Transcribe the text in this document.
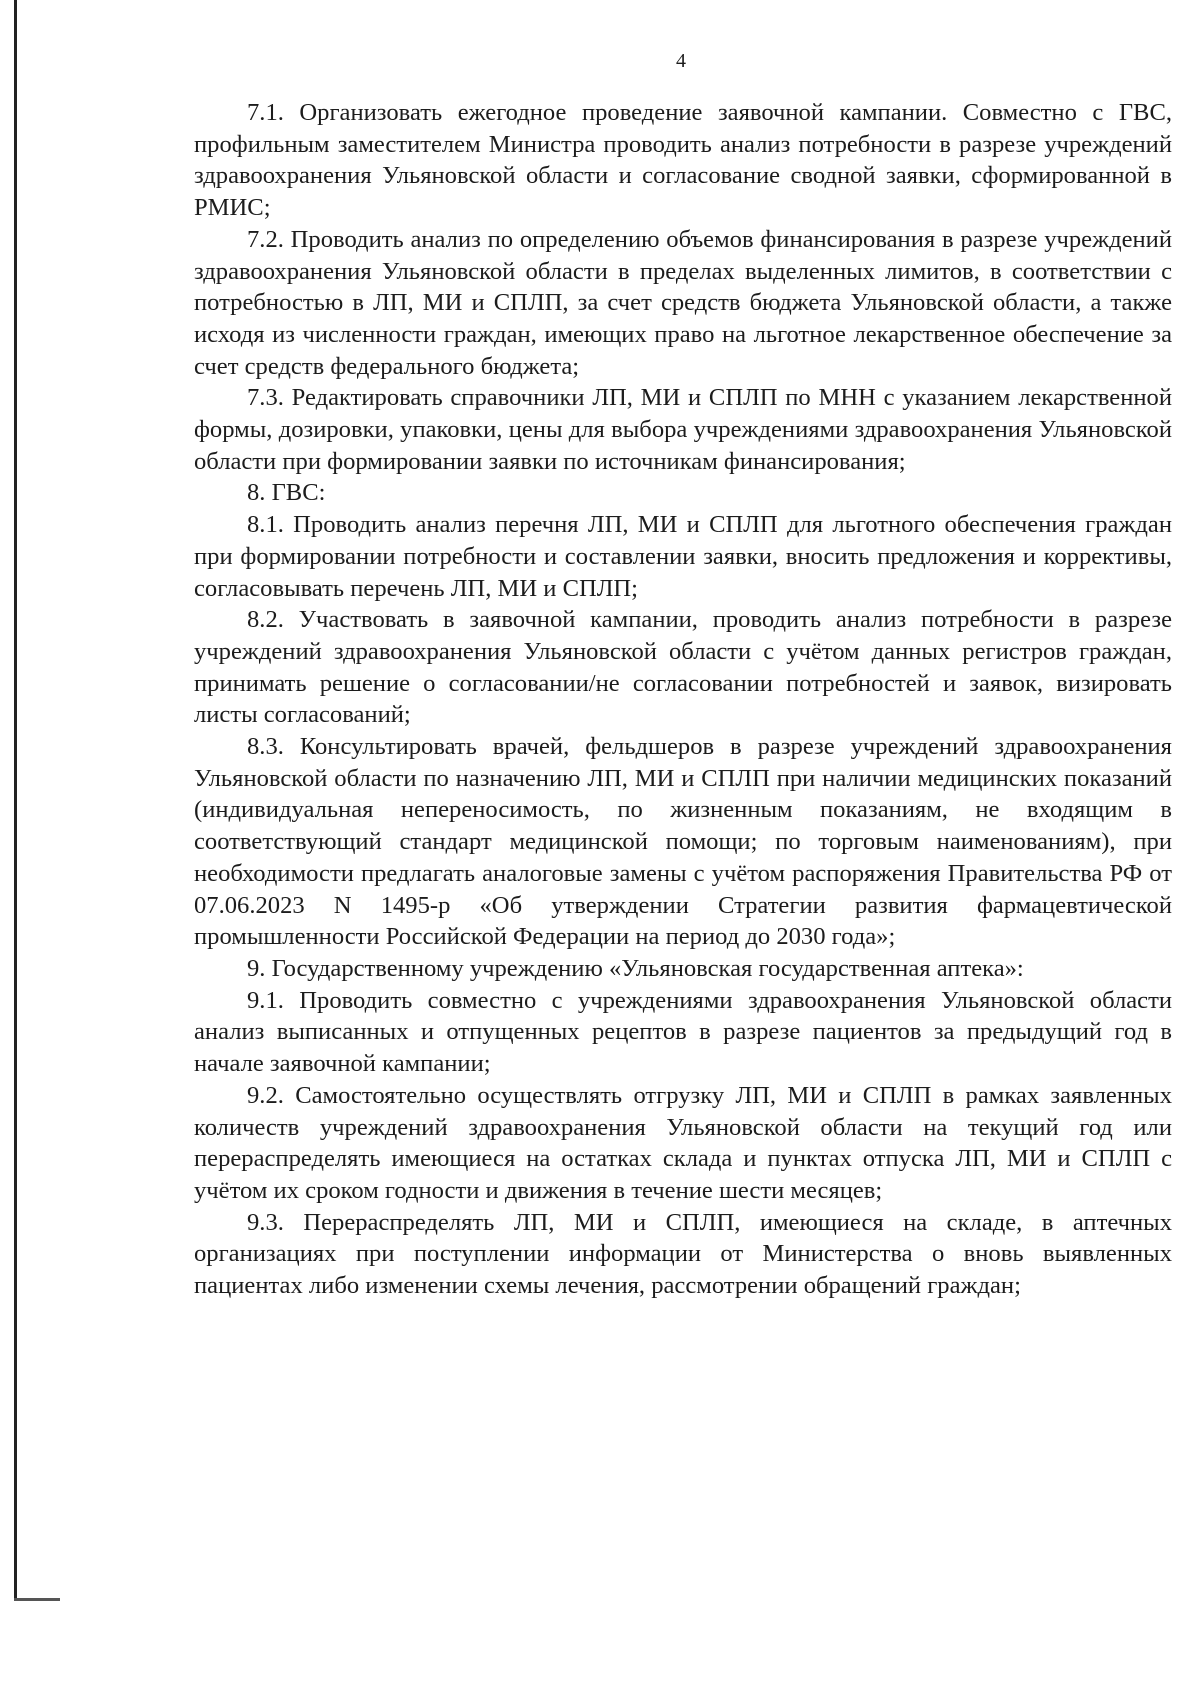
4

7.1. Организовать ежегодное проведение заявочной кампании. Совместно с ГВС, профильным заместителем Министра проводить анализ потребности в разрезе учреждений здравоохранения Ульяновской области и согласование сводной заявки, сформированной в РМИС;

7.2. Проводить анализ по определению объемов финансирования в разрезе учреждений здравоохранения Ульяновской области в пределах выделенных лимитов, в соответствии с потребностью в ЛП, МИ и СПЛП, за счет средств бюджета Ульяновской области, а также исходя из численности граждан, имеющих право на льготное лекарственное обеспечение за счет средств федерального бюджета;

7.3. Редактировать справочники ЛП, МИ и СПЛП по МНН с указанием лекарственной формы, дозировки, упаковки, цены для выбора учреждениями здравоохранения Ульяновской области при формировании заявки по источникам финансирования;

8. ГВС:

8.1. Проводить анализ перечня ЛП, МИ и СПЛП для льготного обеспечения граждан при формировании потребности и составлении заявки, вносить предложения и коррективы, согласовывать перечень ЛП, МИ и СПЛП;

8.2. Участвовать в заявочной кампании, проводить анализ потребности в разрезе учреждений здравоохранения Ульяновской области с учётом данных регистров граждан, принимать решение о согласовании/не согласовании потребностей и заявок, визировать листы согласований;

8.3. Консультировать врачей, фельдшеров в разрезе учреждений здравоохранения Ульяновской области по назначению ЛП, МИ и СПЛП при наличии медицинских показаний (индивидуальная непереносимость, по жизненным показаниям, не входящим в соответствующий стандарт медицинской помощи; по торговым наименованиям), при необходимости предлагать аналоговые замены с учётом распоряжения Правительства РФ от 07.06.2023 N 1495-р «Об утверждении Стратегии развития фармацевтической промышленности Российской Федерации на период до 2030 года»;

9. Государственному учреждению «Ульяновская государственная аптека»:

9.1. Проводить совместно с учреждениями здравоохранения Ульяновской области анализ выписанных и отпущенных рецептов в разрезе пациентов за предыдущий год в начале заявочной кампании;

9.2. Самостоятельно осуществлять отгрузку ЛП, МИ и СПЛП в рамках заявленных количеств учреждений здравоохранения Ульяновской области на текущий год или перераспределять имеющиеся на остатках склада и пунктах отпуска ЛП, МИ и СПЛП с учётом их сроком годности и движения в течение шести месяцев;

9.3. Перераспределять ЛП, МИ и СПЛП, имеющиеся на складе, в аптечных организациях при поступлении информации от Министерства о вновь выявленных пациентах либо изменении схемы лечения, рассмотрении обращений граждан;
